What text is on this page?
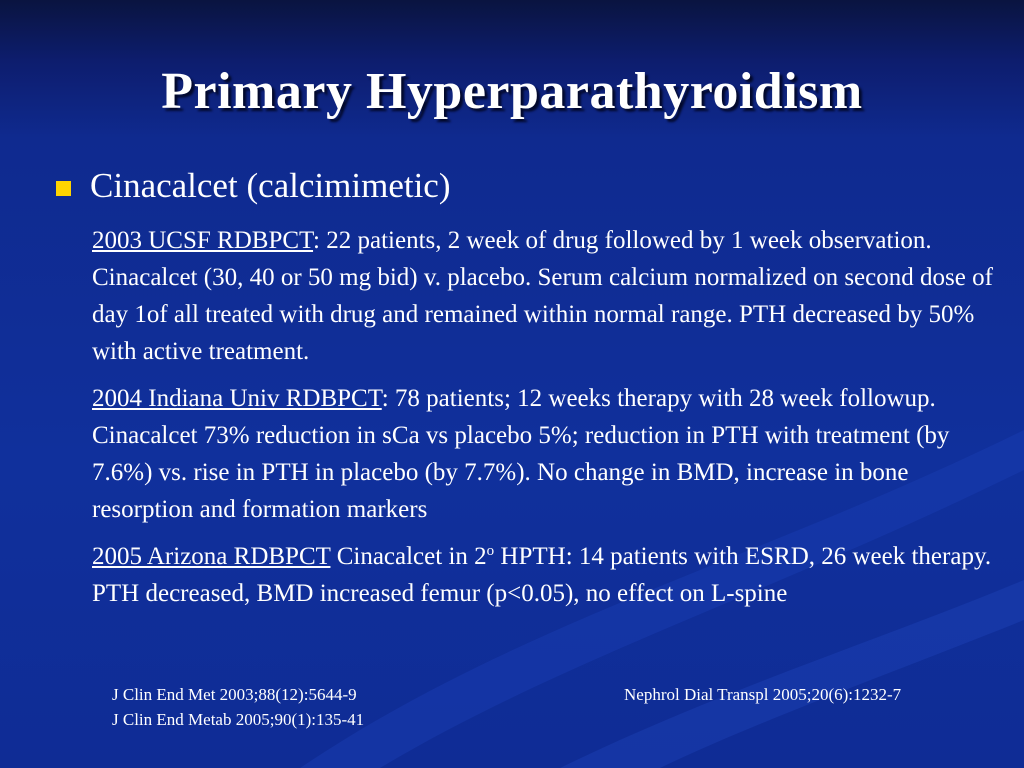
Primary Hyperparathyroidism
Cinacalcet (calcimimetic)
2003 UCSF RDBPCT: 22 patients, 2 week of drug followed by 1 week observation. Cinacalcet (30, 40 or 50 mg bid) v. placebo. Serum calcium normalized on second dose of day 1of all treated with drug and remained within normal range. PTH decreased by 50% with active treatment.
2004 Indiana Univ RDBPCT: 78 patients; 12 weeks therapy with 28 week followup. Cinacalcet 73% reduction in sCa vs placebo 5%; reduction in PTH with treatment (by 7.6%) vs. rise in PTH in placebo (by 7.7%). No change in BMD, increase in bone resorption and formation markers
2005 Arizona RDBPCT Cinacalcet in 2$^o$ HPTH: 14 patients with ESRD, 26 week therapy. PTH decreased, BMD increased femur (p<0.05), no effect on L-spine
J Clin End Met 2003;88(12):5644-9
J Clin End Metab 2005;90(1):135-41
Nephrol Dial Transpl 2005;20(6):1232-7
